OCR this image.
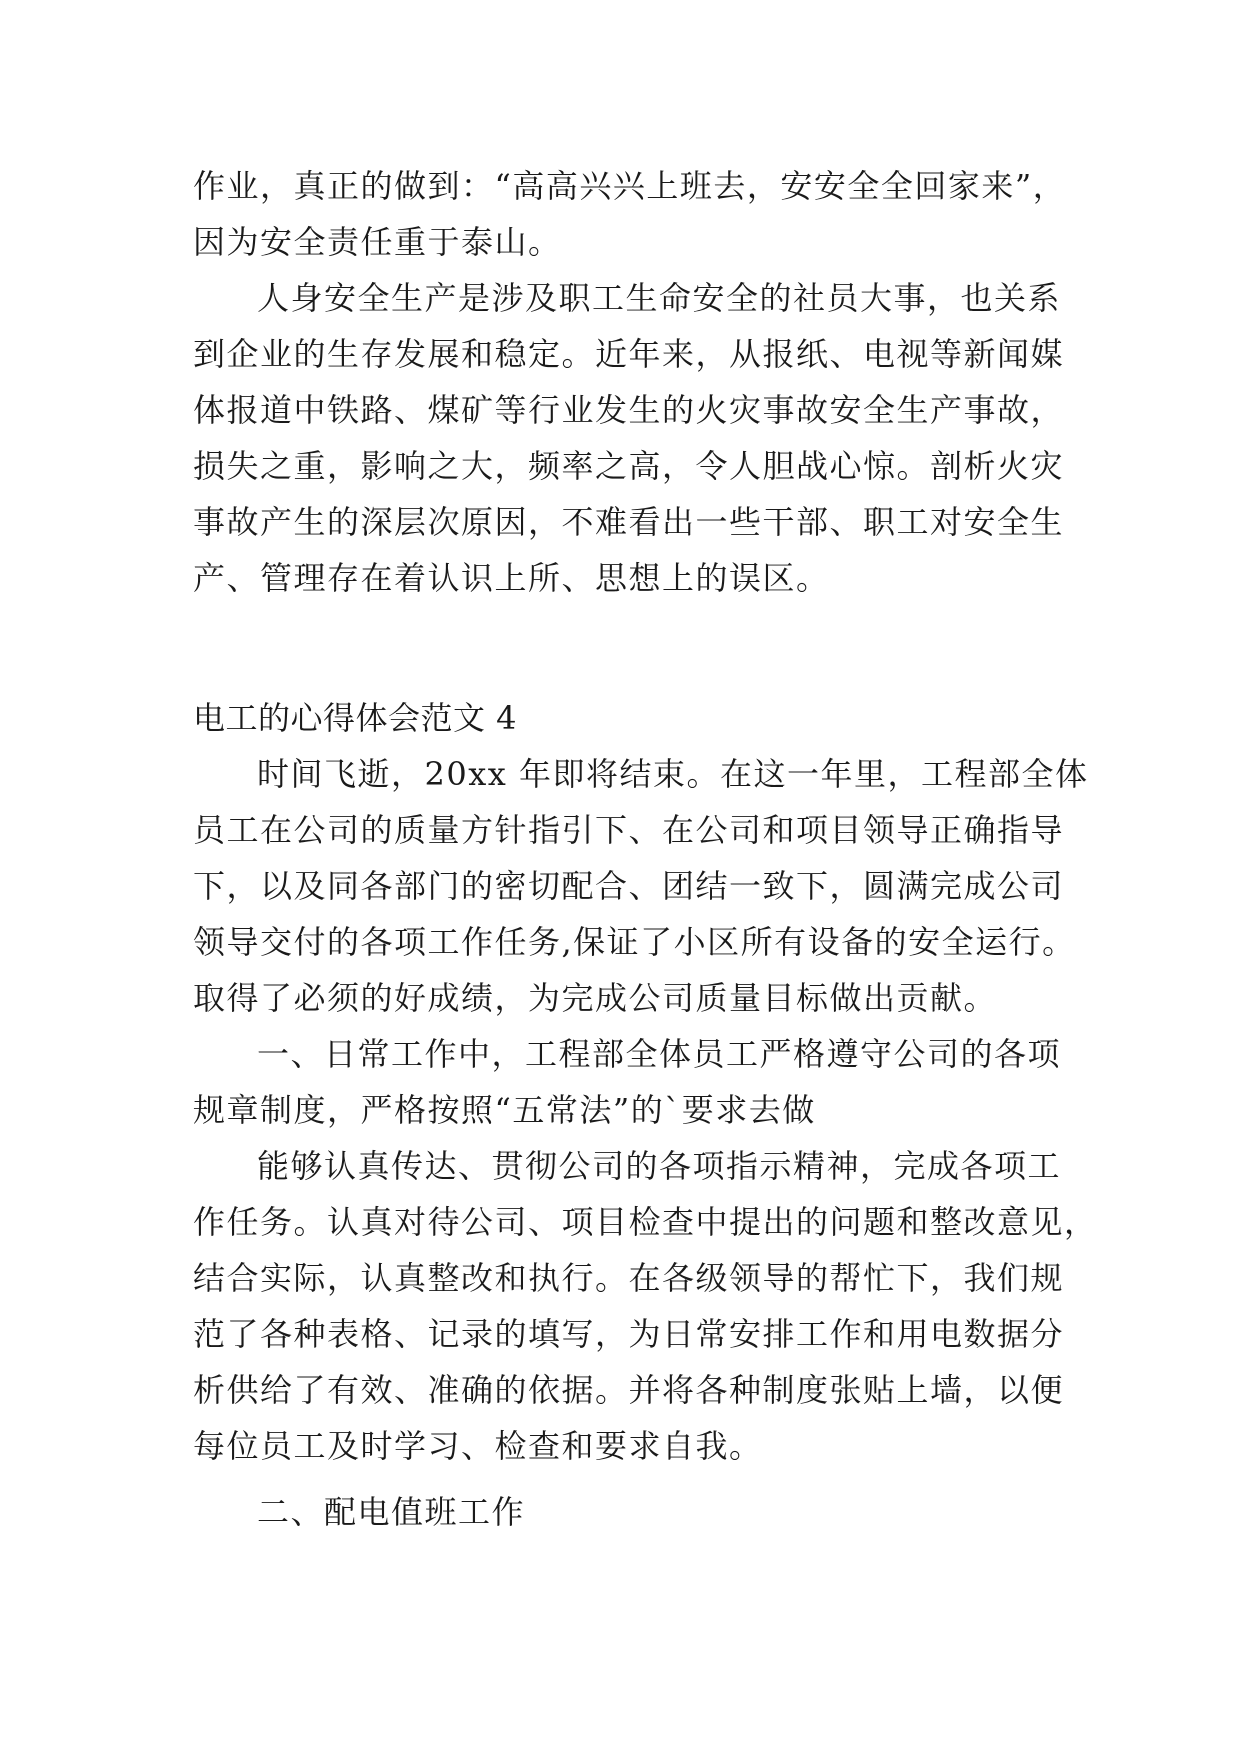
作业，真正的做到：“高高兴兴上班去，安安全全回家来”，
因为安全责任重于泰山。
人身安全生产是涉及职工生命安全的社员大事，也关系
到企业的生存发展和稳定。近年来，从报纸、电视等新闻媒
体报道中铁路、煤矿等行业发生的火灾事故安全生产事故，
损失之重，影响之大，频率之高，令人胆战心惊。剖析火灾
事故产生的深层次原因，不难看出一些干部、职工对安全生
产、管理存在着认识上所、思想上的误区。
电工的心得体会范文 4
时间飞逝，20xx 年即将结束。在这一年里，工程部全体
员工在公司的质量方针指引下、在公司和项目领导正确指导
下，以及同各部门的密切配合、团结一致下，圆满完成公司
领导交付的各项工作任务,保证了小区所有设备的安全运行。
取得了必须的好成绩，为完成公司质量目标做出贡献。
一、日常工作中，工程部全体员工严格遵守公司的各项
规章制度，严格按照“五常法”的`要求去做
能够认真传达、贯彻公司的各项指示精神，完成各项工
作任务。认真对待公司、项目检查中提出的问题和整改意见，
结合实际，认真整改和执行。在各级领导的帮忙下，我们规
范了各种表格、记录的填写，为日常安排工作和用电数据分
析供给了有效、准确的依据。并将各种制度张贴上墙，以便
每位员工及时学习、检查和要求自我。
二、配电值班工作
